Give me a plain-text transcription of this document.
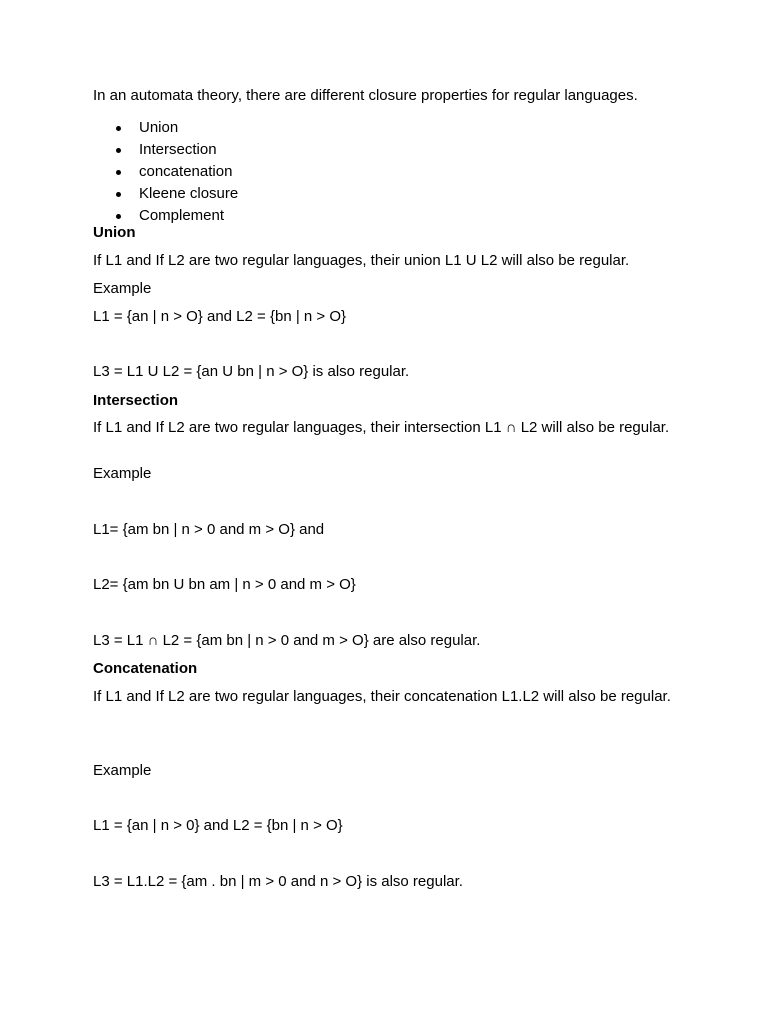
In an automata theory, there are different closure properties for regular languages.
Union
Intersection
concatenation
Kleene closure
Complement
Union
If L1 and If L2 are two regular languages, their union L1 U L2 will also be regular.
Example
L1 = {an | n > O} and L2 = {bn | n > O}
L3 = L1 U L2 = {an U bn | n > O} is also regular.
Intersection
If L1 and If L2 are two regular languages, their intersection L1 ∩ L2 will also be regular.
Example
L1= {am bn | n > 0 and m > O} and
L2= {am bn U bn am | n > 0 and m > O}
L3 = L1 ∩ L2 = {am bn | n > 0 and m > O} are also regular.
Concatenation
If L1 and If L2 are two regular languages, their concatenation L1.L2 will also be regular.
Example
L1 = {an | n > 0} and L2 = {bn | n > O}
L3 = L1.L2 = {am . bn | m > 0 and n > O} is also regular.
